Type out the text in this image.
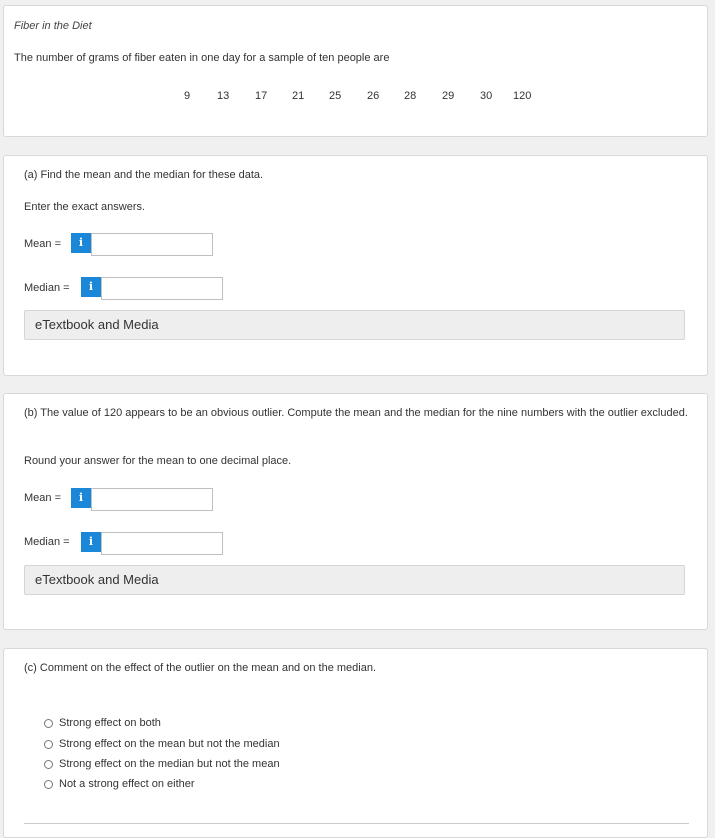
Fiber in the Diet
The number of grams of fiber eaten in one day for a sample of ten people are
9 13 17 21 25 26 28 29 30 120
(a) Find the mean and the median for these data.
Enter the exact answers.
Mean =	i
Median =	i
eTextbook and Media
(b) The value of 120 appears to be an obvious outlier. Compute the mean and the median for the nine numbers with the outlier excluded.
Round your answer for the mean to one decimal place.
Mean =	i
Median =	i
eTextbook and Media
(c) Comment on the effect of the outlier on the mean and on the median.
Strong effect on both
Strong effect on the mean but not the median
Strong effect on the median but not the mean
Not a strong effect on either
